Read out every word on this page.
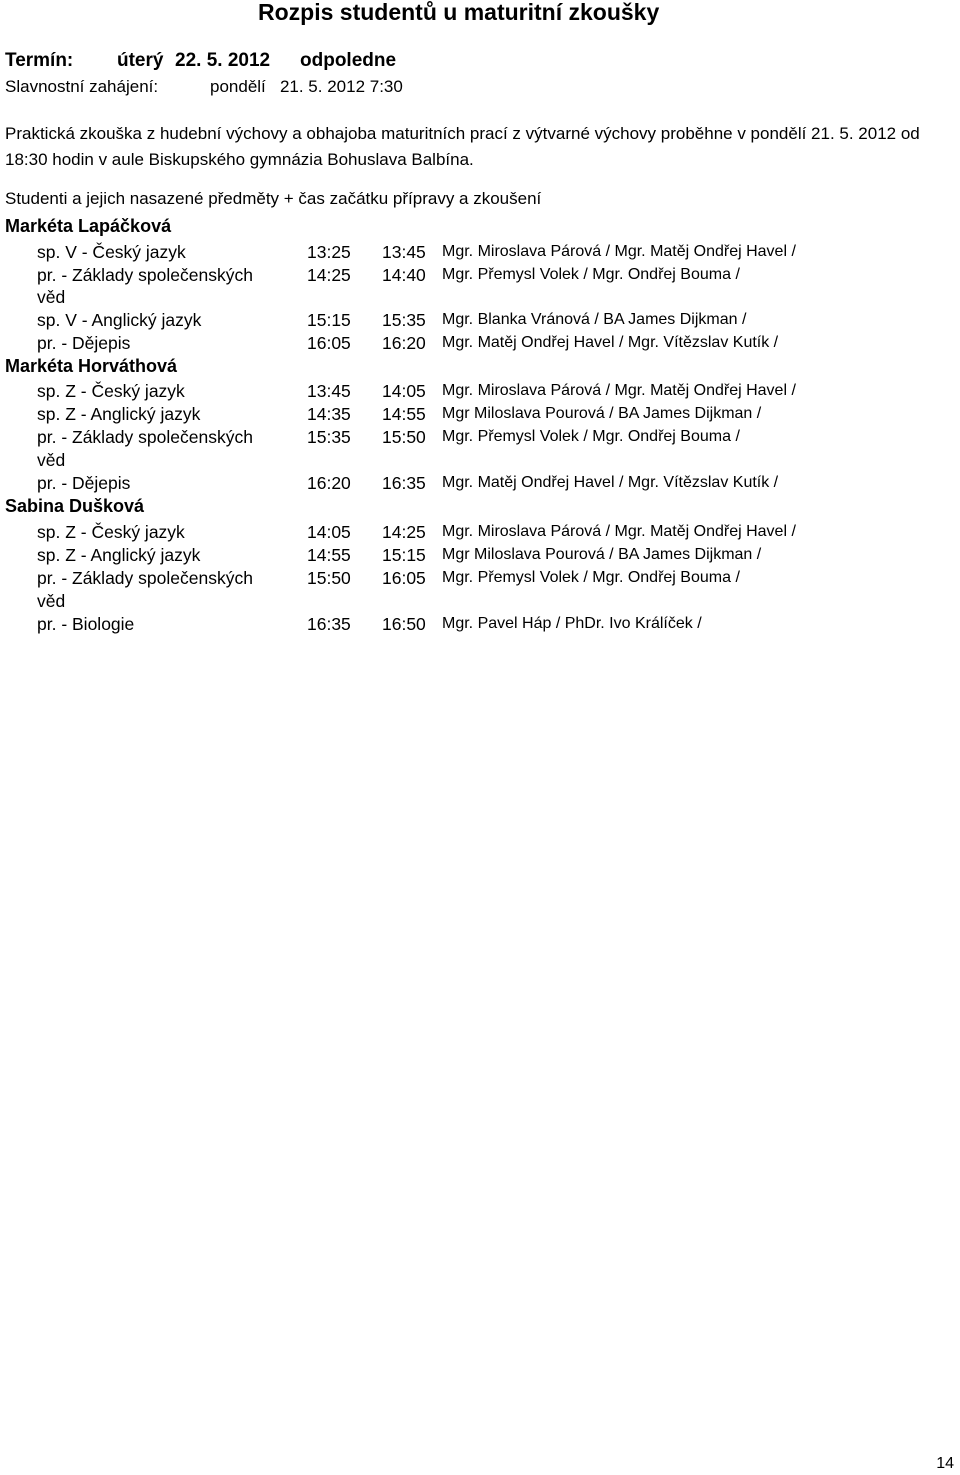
Rozpis studentů u maturitní zkoušky
Termín: úterý 22. 5. 2012 odpoledne
Slavnostní zahájení:	pondělí   21. 5. 2012 7:30
Praktická zkouška z hudební výchovy a obhajoba maturitních prací z výtvarné výchovy proběhne v pondělí 21. 5. 2012 od 18:30 hodin v aule Biskupského gymnázia Bohuslava Balbína.
Studenti a jejich nasazené předměty + čas začátku přípravy a zkoušení
Markéta Lapáčková
sp. V - Český jazyk	13:25 13:45 Mgr. Miroslava Párová / Mgr. Matěj Ondřej Havel /
pr. - Základy společenských	14:25 14:40 Mgr. Přemysl Volek / Mgr. Ondřej Bouma /
věd
sp. V - Anglický jazyk	15:15 15:35 Mgr. Blanka Vránová / BA James Dijkman /
pr. - Dějepis	16:05 16:20 Mgr. Matěj Ondřej Havel / Mgr. Vítězslav Kutík /
Markéta Horváthová
sp. Z - Český jazyk	13:45 14:05 Mgr. Miroslava Párová / Mgr. Matěj Ondřej Havel /
sp. Z - Anglický jazyk	14:35 14:55 Mgr Miloslava Pourová / BA James Dijkman /
pr. - Základy společenských	15:35 15:50 Mgr. Přemysl Volek / Mgr. Ondřej Bouma /
věd
pr. - Dějepis	16:20 16:35 Mgr. Matěj Ondřej Havel / Mgr. Vítězslav Kutík /
Sabina Dušková
sp. Z - Český jazyk	14:05 14:25 Mgr. Miroslava Párová / Mgr. Matěj Ondřej Havel /
sp. Z - Anglický jazyk	14:55 15:15 Mgr Miloslava Pourová / BA James Dijkman /
pr. - Základy společenských	15:50 16:05 Mgr. Přemysl Volek / Mgr. Ondřej Bouma /
věd
pr. - Biologie	16:35 16:50 Mgr. Pavel Háp / PhDr. Ivo Králíček /
14
